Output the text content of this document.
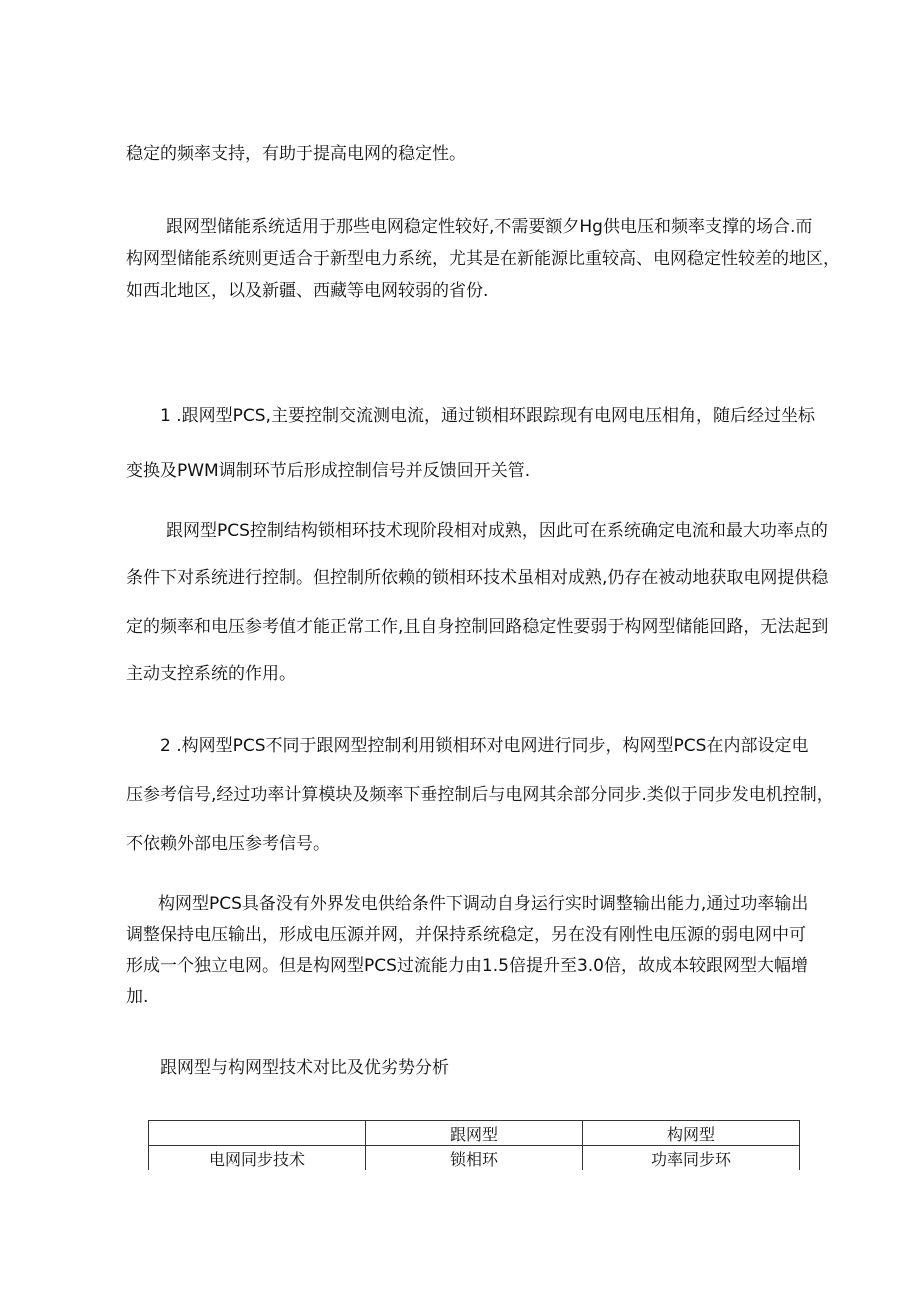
稳定的频率支持，有助于提高电网的稳定性。

跟网型储能系统适用于那些电网稳定性较好,不需要额夕Hg供电压和频率支撑的场合.而

构网型储能系统则更适合于新型电力系统，尤其是在新能源比重较高、电网稳定性较差的地区，

如西北地区，以及新疆、西藏等电网较弱的省份.

1 .跟网型PCS,主要控制交流测电流，通过锁相环跟踪现有电网电压相角，随后经过坐标

变换及PWM调制环节后形成控制信号并反馈回开关管.

跟网型PCS控制结构锁相环技术现阶段相对成熟，因此可在系统确定电流和最大功率点的

条件下对系统进行控制。但控制所依赖的锁相环技术虽相对成熟,仍存在被动地获取电网提供稳

定的频率和电压参考值才能正常工作,且自身控制回路稳定性要弱于构网型储能回路，无法起到

主动支控系统的作用。

2 .构网型PCS不同于跟网型控制利用锁相环对电网进行同步，构网型PCS在内部设定电

压参考信号,经过功率计算模块及频率下垂控制后与电网其余部分同步.类似于同步发电机控制，

不依赖外部电压参考信号。

构网型PCS具备没有外界发电供给条件下调动自身运行实时调整输出能力,通过功率输出

调整保持电压输出，形成电压源并网，并保持系统稳定，另在没有刚性电压源的弱电网中可

形成一个独立电网。但是构网型PCS过流能力由1.5倍提升至3.0倍，故成本较跟网型大幅增

加.

跟网型与构网型技术对比及优劣势分析

	跟网型	构网型
电网同步技术	锁相环	功率同步环
